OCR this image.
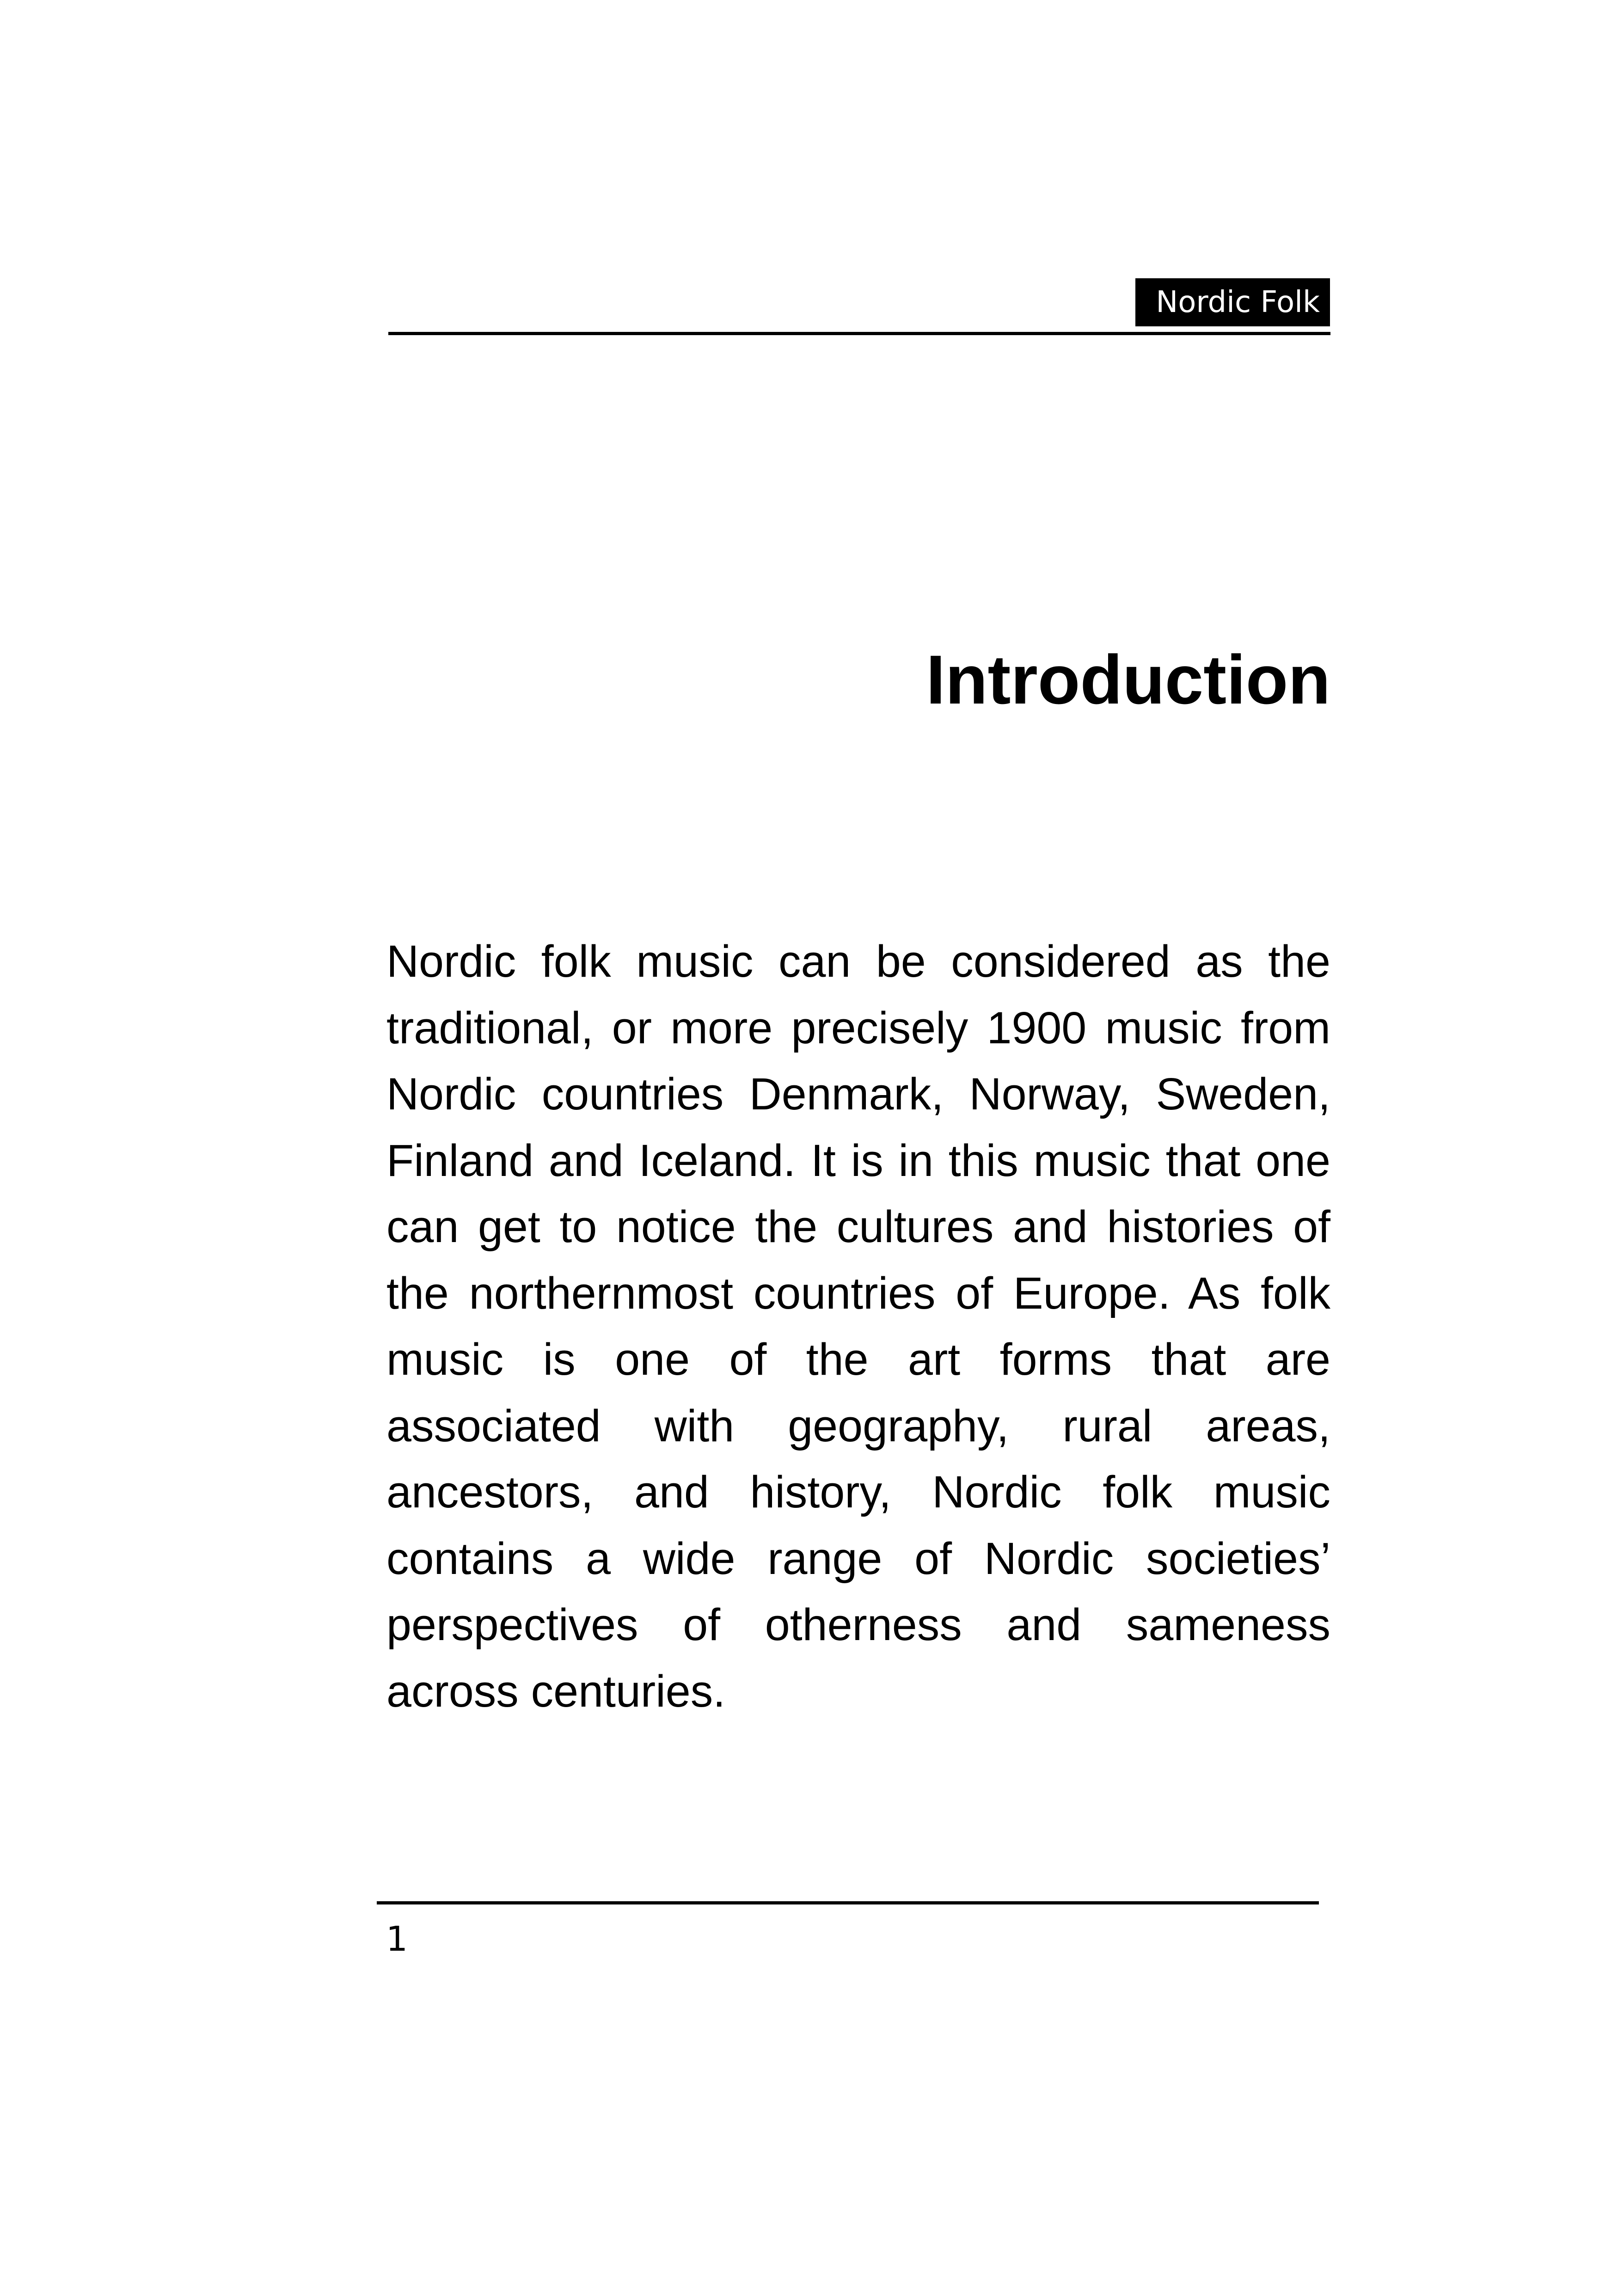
Nordic Folk
Introduction

Nordic folk music can be considered as the traditional, or more precisely 1900 music from Nordic countries Denmark, Norway, Sweden, Finland and Iceland. It is in this music that one can get to notice the cultures and histories of the northernmost countries of Europe. As folk music is one of the art forms that are associated with geography, rural areas, ancestors, and history, Nordic folk music contains a wide range of Nordic societies’ perspectives of otherness and sameness across centuries.

1
